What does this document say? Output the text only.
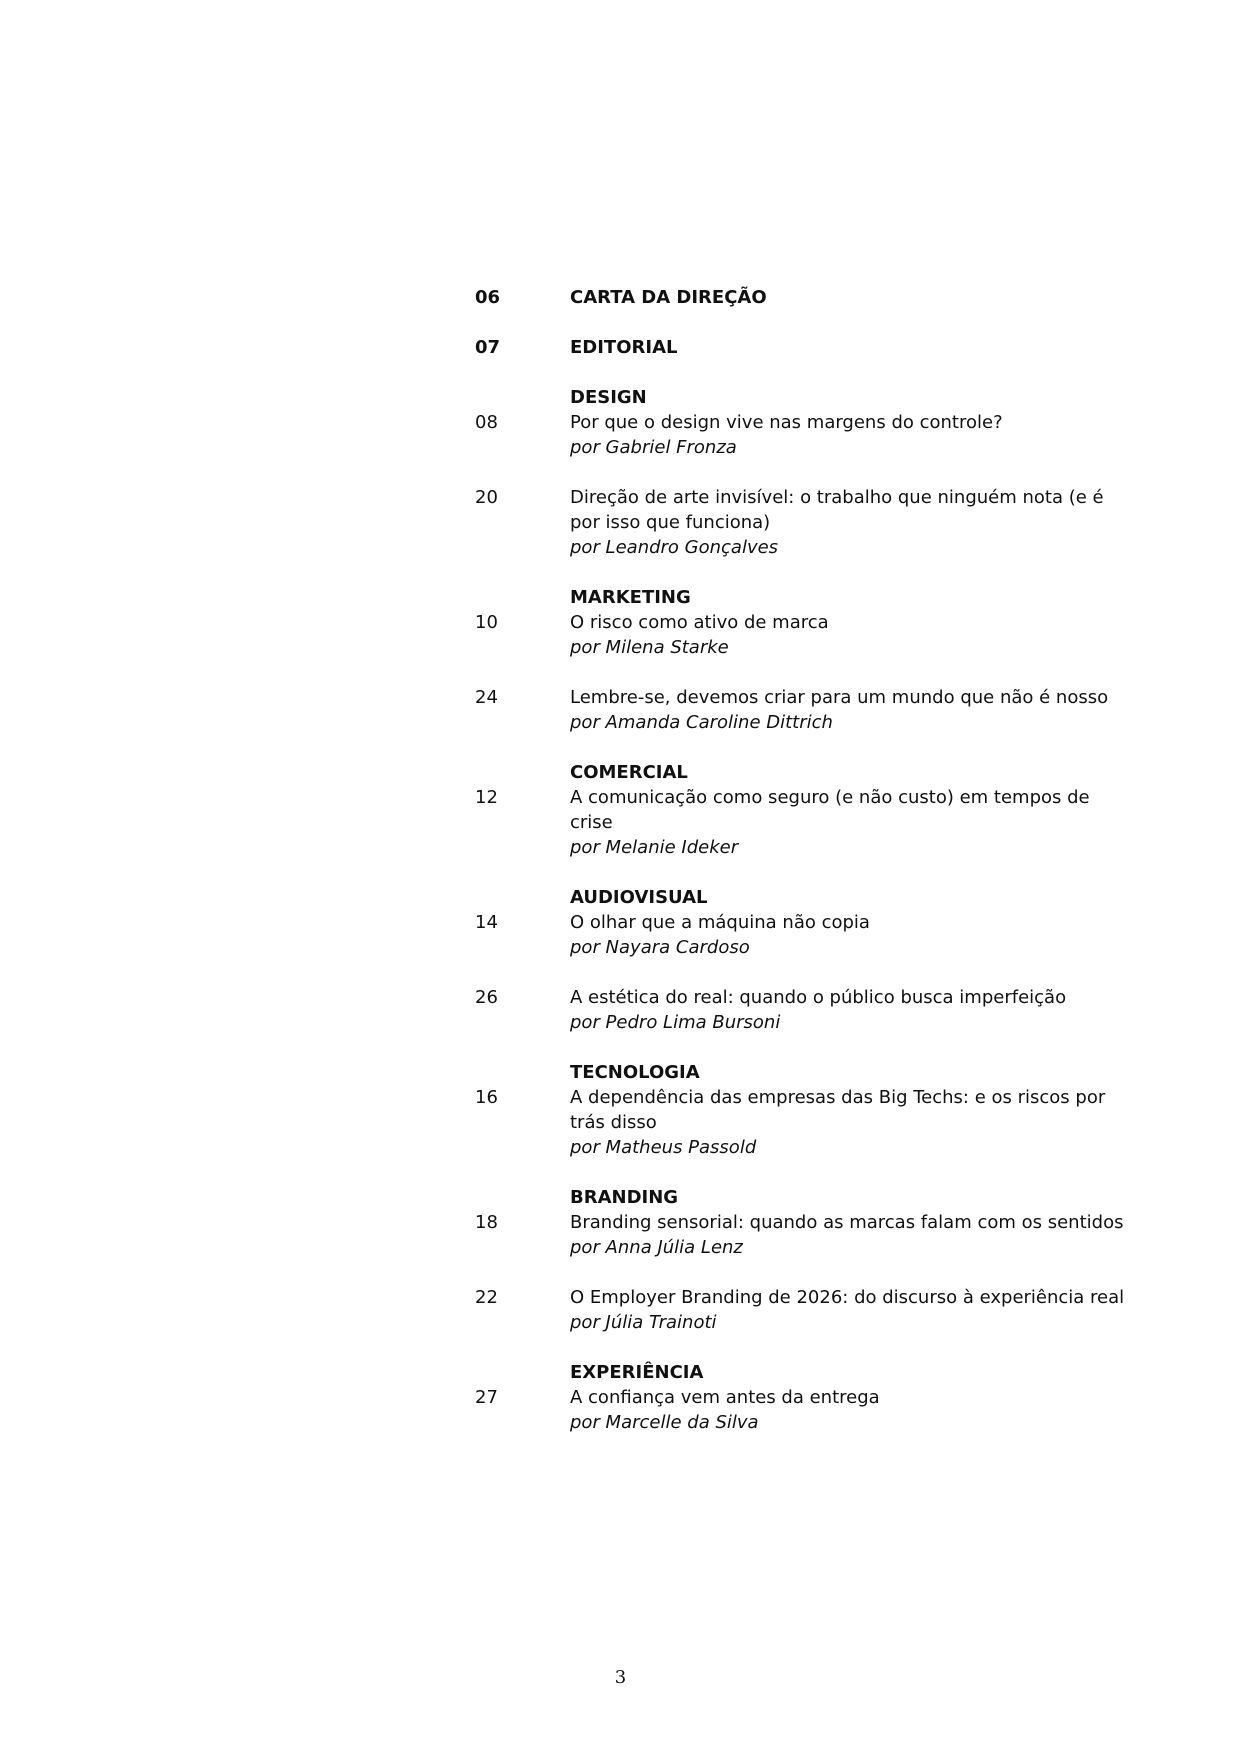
06	CARTA DA DIREÇÃO
07	EDITORIAL
DESIGN
08	Por que o design vive nas margens do controle?
por Gabriel Fronza
20	Direção de arte invisível: o trabalho que ninguém nota (e é por isso que funciona)
por Leandro Gonçalves
MARKETING
10	O risco como ativo de marca
por Milena Starke
24	Lembre-se, devemos criar para um mundo que não é nosso
por Amanda Caroline Dittrich
COMERCIAL
12	A comunicação como seguro (e não custo) em tempos de crise
por Melanie Ideker
AUDIOVISUAL
14	O olhar que a máquina não copia
por Nayara Cardoso
26	A estética do real: quando o público busca imperfeição
por Pedro Lima Bursoni
TECNOLOGIA
16	A dependência das empresas das Big Techs: e os riscos por trás disso
por Matheus Passold
BRANDING
18	Branding sensorial: quando as marcas falam com os sentidos
por Anna Júlia Lenz
22	O Employer Branding de 2026: do discurso à experiência real
por Júlia Trainoti
EXPERIÊNCIA
27	A confiança vem antes da entrega
por Marcelle da Silva
3
